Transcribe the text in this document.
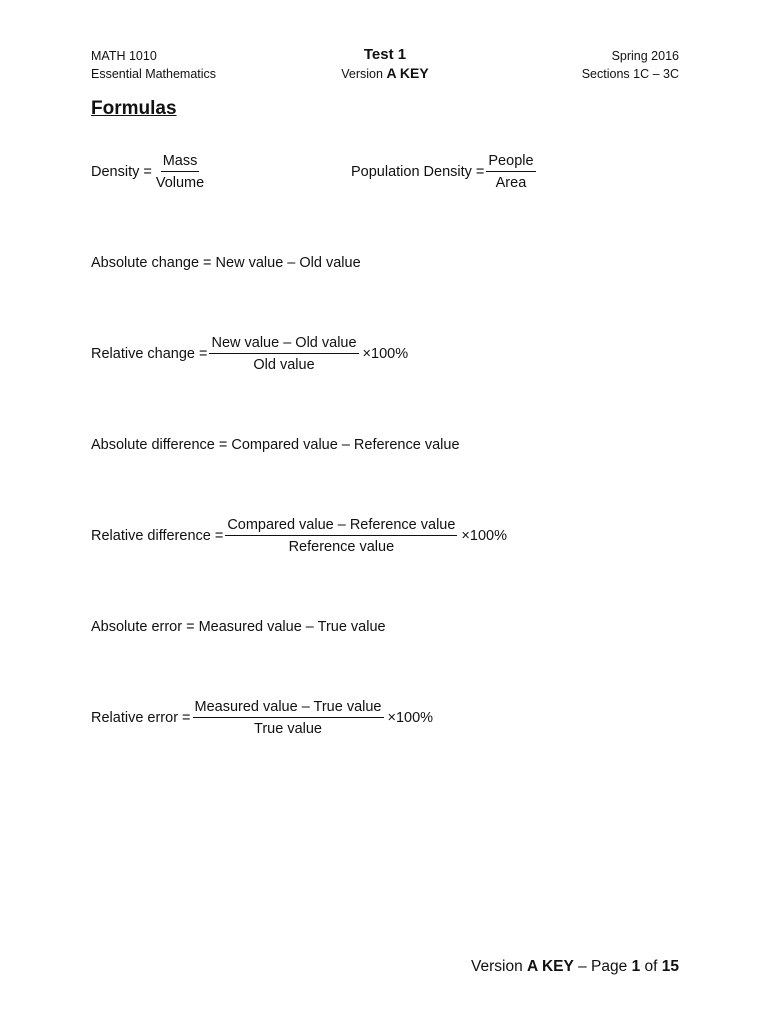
MATH 1010
Essential Mathematics
Test 1
Version A KEY
Spring 2016
Sections 1C – 3C
Formulas
Density = $\frac{\text{Mass}}{\text{Volume}}$	Population Density = $\frac{\text{People}}{\text{Area}}$
Absolute change = New value – Old value
Relative change = $\frac{\text{New value – Old value}}{\text{Old value}} \times 100\%$
Absolute difference = Compared value – Reference value
Relative difference = $\frac{\text{Compared value – Reference value}}{\text{Reference value}} \times 100\%$
Absolute error = Measured value – True value
Relative error = $\frac{\text{Measured value – True value}}{\text{True value}} \times 100\%$
Version A KEY – Page 1 of 15
